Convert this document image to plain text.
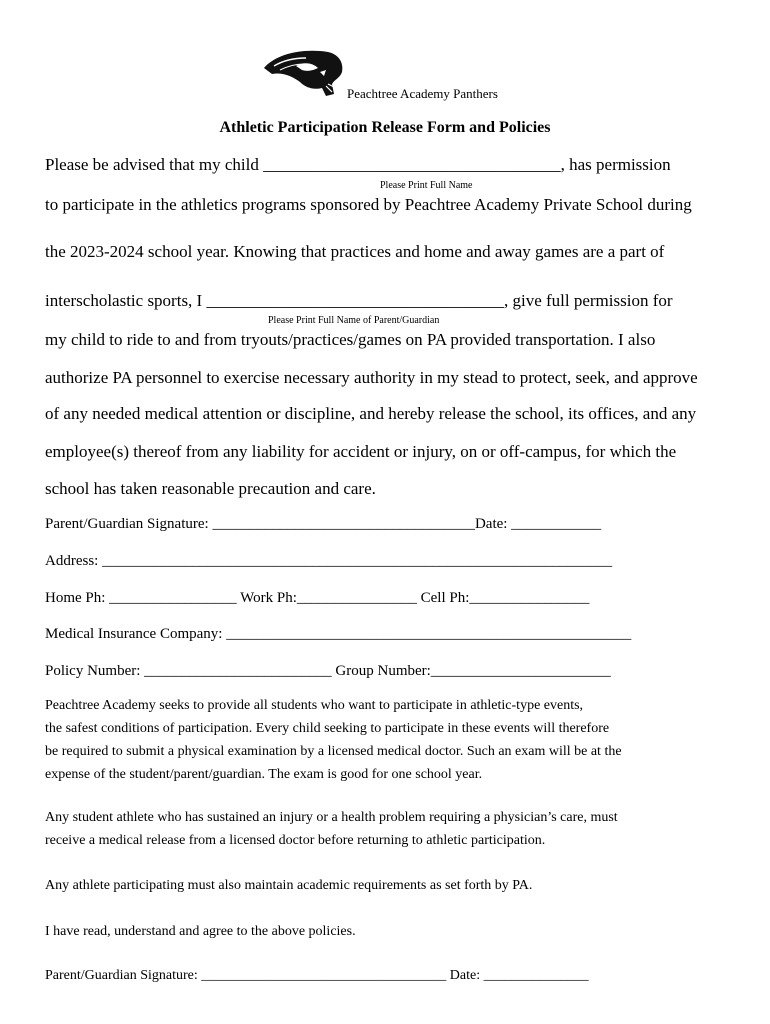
Peachtree Academy Panthers
Athletic Participation Release Form and Policies
Please be advised that my child ___________________________________, has permission
Please Print Full Name
to participate in the athletics programs sponsored by Peachtree Academy Private School during
the 2023-2024 school year. Knowing that practices and home and away games are a part of
interscholastic sports, I ___________________________________, give full permission for
Please Print Full Name of Parent/Guardian
my child to ride to and from tryouts/practices/games on PA provided transportation. I also
authorize PA personnel to exercise necessary authority in my stead to protect, seek, and approve
of any needed medical attention or discipline, and hereby release the school, its offices, and any
employee(s) thereof from any liability for accident or injury, on or off-campus, for which the
school has taken reasonable precaution and care.
Parent/Guardian Signature: ___________________________________Date: ____________
Address: ____________________________________________________________________
Home Ph: _________________ Work Ph:________________ Cell Ph:________________
Medical Insurance Company: ______________________________________________________
Policy Number: _________________________ Group Number:________________________
Peachtree Academy seeks to provide all students who want to participate in athletic-type events,
the safest conditions of participation. Every child seeking to participate in these events will therefore
be required to submit a physical examination by a licensed medical doctor. Such an exam will be at the
expense of the student/parent/guardian. The exam is good for one school year.
Any student athlete who has sustained an injury or a health problem requiring a physician’s care, must
receive a medical release from a licensed doctor before returning to athletic participation.
Any athlete participating must also maintain academic requirements as set forth by PA.
I have read, understand and agree to the above policies.
Parent/Guardian Signature: ___________________________________ Date: _______________
